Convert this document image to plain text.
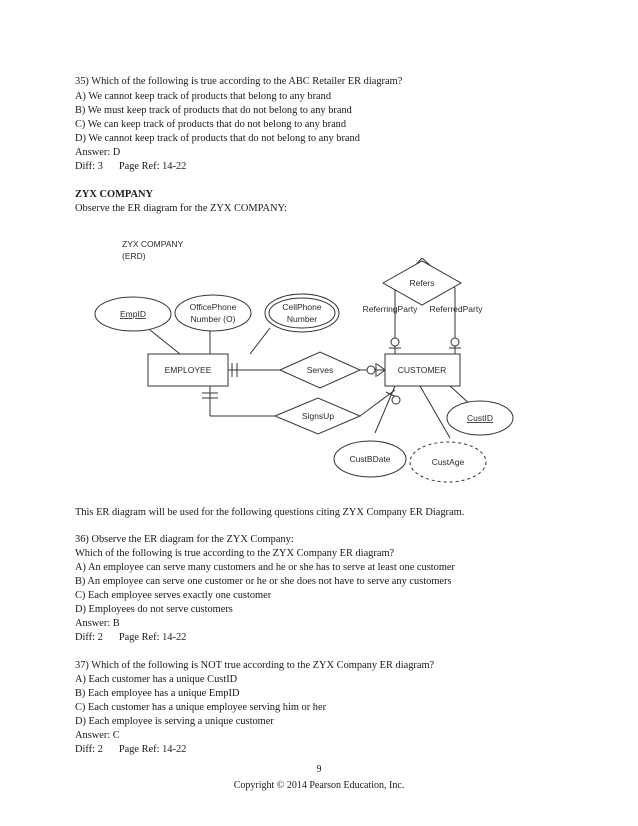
35) Which of the following is true according to the ABC Retailer ER diagram?
A) We cannot keep track of products that belong to any brand
B) We must keep track of products that do not belong to any brand
C) We can keep track of products that do not belong to any brand
D) We cannot keep track of products that do not belong to any brand
Answer: D
Diff: 3 Page Ref: 14-22
ZYX COMPANY
Observe the ER diagram for the ZYX COMPANY:
ZYX COMPANY
(ERD)
EmpID
OfficePhone
Number (O)
CellPhone
Number
Refers
ReferringParty ReferredParty
EMPLOYEE	Serves	CUSTOMER
SignsUp	CustID
CustBDate	CustAge
This ER diagram will be used for the following questions citing ZYX Company ER Diagram.
36) Observe the ER diagram for the ZYX Company:
Which of the following is true according to the ZYX Company ER diagram?
A) An employee can serve many customers and he or she has to serve at least one customer
B) An employee can serve one customer or he or she does not have to serve any customers
C) Each employee serves exactly one customer
D) Employees do not serve customers
Answer: B
Diff: 2 Page Ref: 14-22
37) Which of the following is NOT true according to the ZYX Company ER diagram?
A) Each customer has a unique CustID
B) Each employee has a unique EmpID
C) Each customer has a unique employee serving him or her
D) Each employee is serving a unique customer
Answer: C
Diff: 2 Page Ref: 14-22
9
Copyright © 2014 Pearson Education, Inc.
